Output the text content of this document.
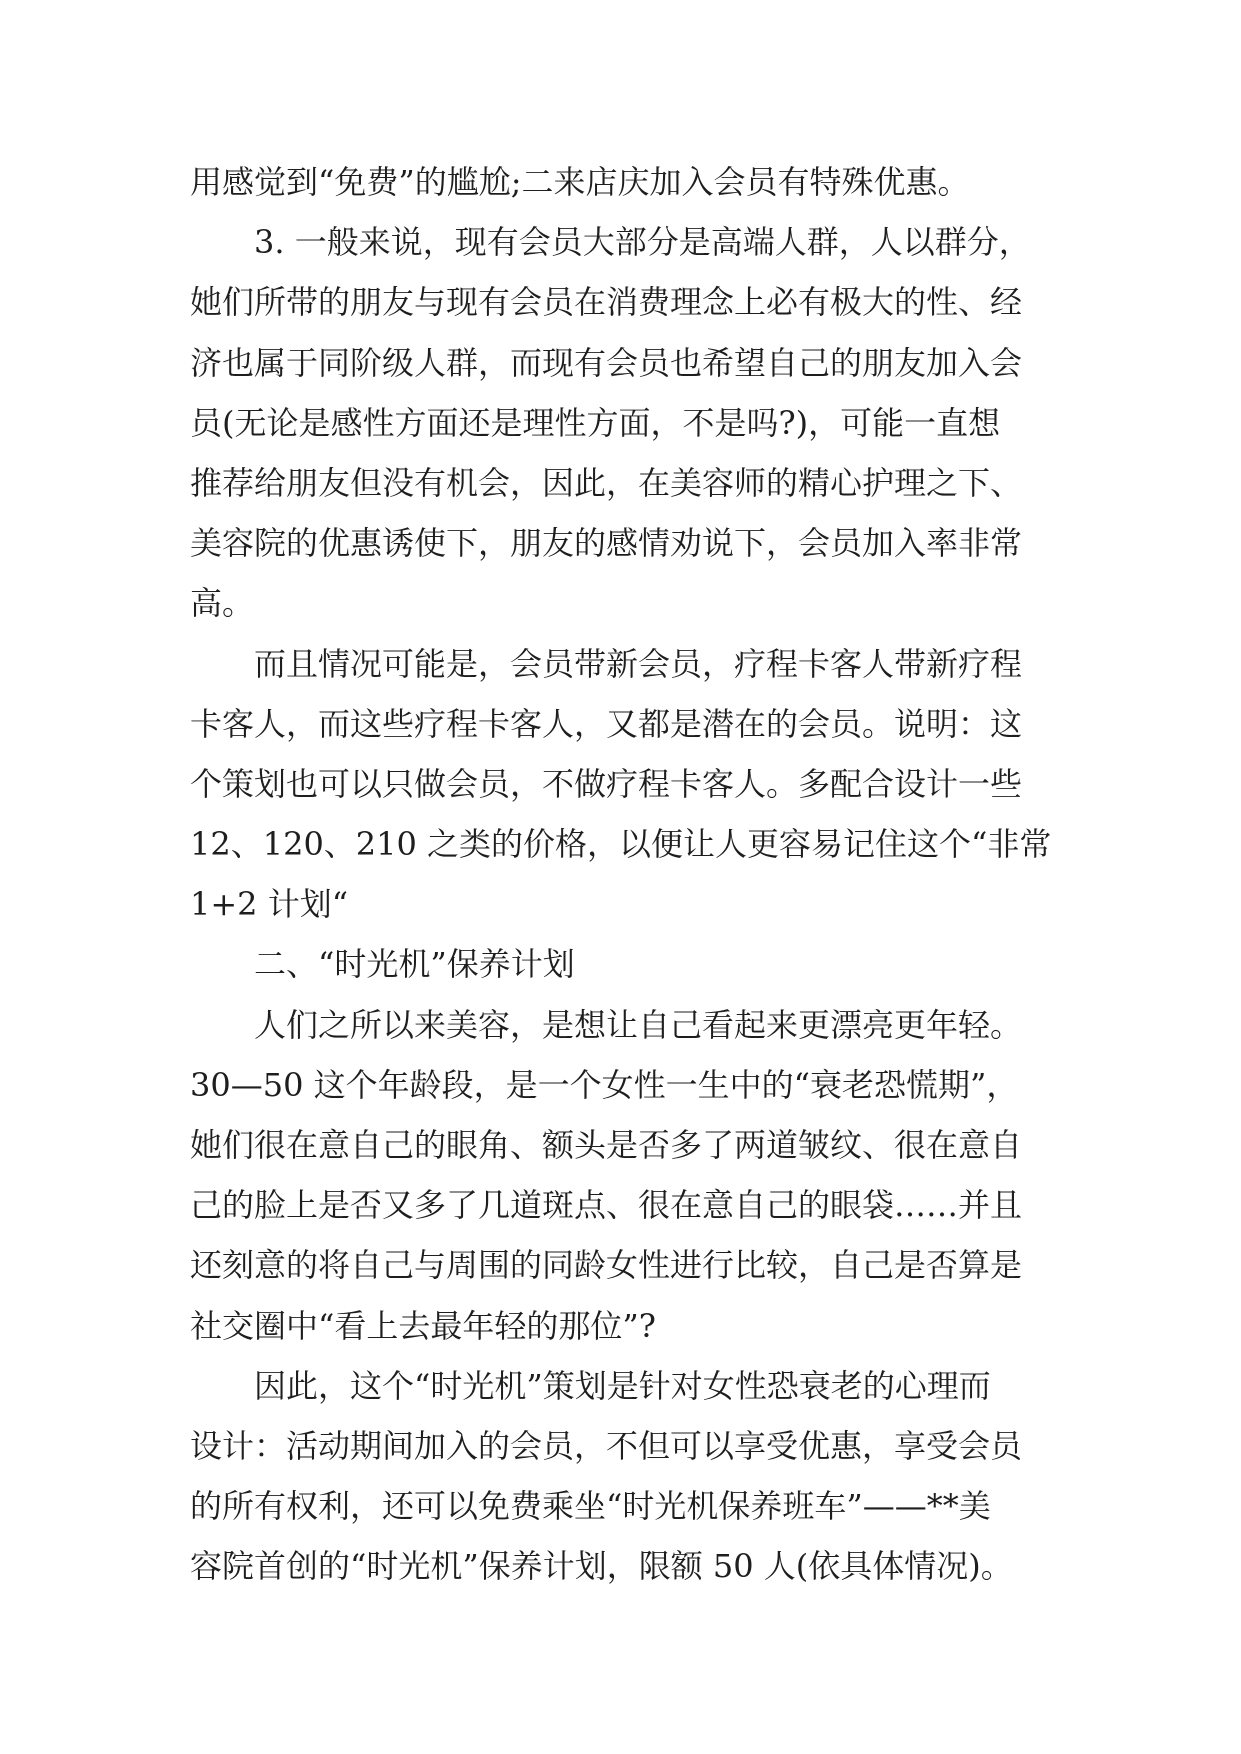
用感觉到“免费”的尴尬;二来店庆加入会员有特殊优惠。
3. 一般来说，现有会员大部分是高端人群，人以群分，
她们所带的朋友与现有会员在消费理念上必有极大的性、经
济也属于同阶级人群，而现有会员也希望自己的朋友加入会
员(无论是感性方面还是理性方面，不是吗?)，可能一直想
推荐给朋友但没有机会，因此，在美容师的精心护理之下、
美容院的优惠诱使下，朋友的感情劝说下，会员加入率非常
高。
而且情况可能是，会员带新会员，疗程卡客人带新疗程
卡客人，而这些疗程卡客人，又都是潜在的会员。说明：这
个策划也可以只做会员，不做疗程卡客人。多配合设计一些
12、120、210 之类的价格，以便让人更容易记住这个“非常
1+2 计划“
二、“时光机”保养计划
人们之所以来美容，是想让自己看起来更漂亮更年轻。
30—50 这个年龄段，是一个女性一生中的“衰老恐慌期”，
她们很在意自己的眼角、额头是否多了两道皱纹、很在意自
己的脸上是否又多了几道斑点、很在意自己的眼袋……并且
还刻意的将自己与周围的同龄女性进行比较，自己是否算是
社交圈中“看上去最年轻的那位”?
因此，这个“时光机”策划是针对女性恐衰老的心理而
设计：活动期间加入的会员，不但可以享受优惠，享受会员
的所有权利，还可以免费乘坐“时光机保养班车”——**美
容院首创的“时光机”保养计划，限额 50 人(依具体情况)。
